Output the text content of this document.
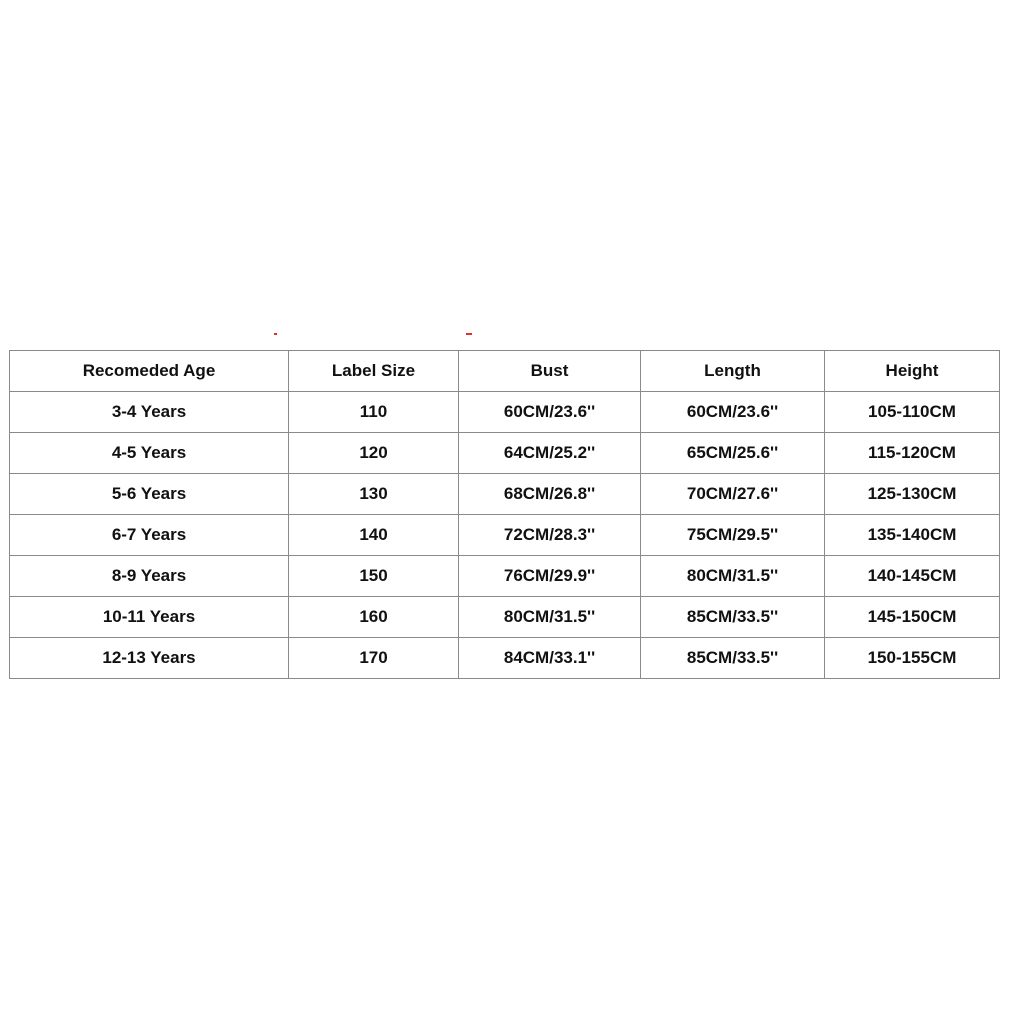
Recomeded Age	Label Size	Bust	Length	Height
3-4 Years	110	60CM/23.6''	60CM/23.6''	105-110CM
4-5 Years	120	64CM/25.2''	65CM/25.6''	115-120CM
5-6 Years	130	68CM/26.8''	70CM/27.6''	125-130CM
6-7 Years	140	72CM/28.3''	75CM/29.5''	135-140CM
8-9 Years	150	76CM/29.9''	80CM/31.5''	140-145CM
10-11 Years	160	80CM/31.5''	85CM/33.5''	145-150CM
12-13 Years	170	84CM/33.1''	85CM/33.5''	150-155CM
